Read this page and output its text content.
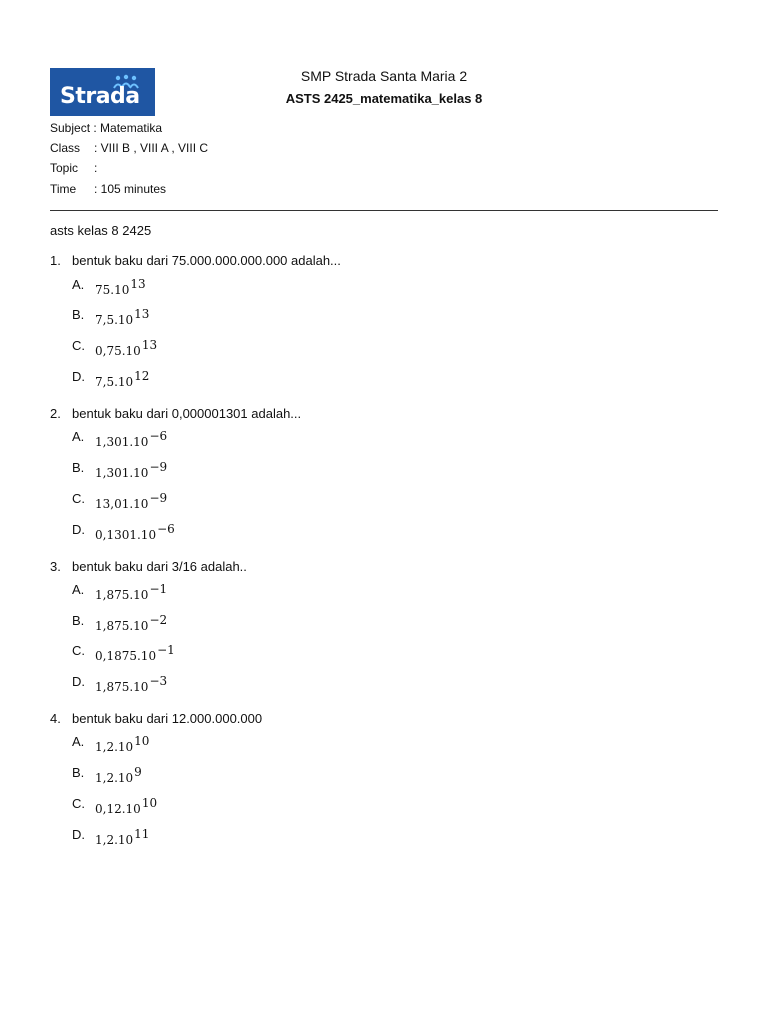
Strada
SMP Strada Santa Maria 2
ASTS 2425_matematika_kelas 8
Subject : Matematika
Class : VIII B , VIII A , VIII C
Topic :
Time : 105 minutes
asts kelas 8 2425
1. bentuk baku dari 75.000.000.000.000 adalah...
A. 75.1013
B. 7,5.1013
C. 0,75.1013
D. 7,5.1012
2. bentuk baku dari 0,000001301 adalah...
A. 1,301.10−6
B. 1,301.10−9
C. 13,01.10−9
D. 0,1301.10−6
3. bentuk baku dari 3/16 adalah..
A. 1,875.10−1
B. 1,875.10−2
C. 0,1875.10−1
D. 1,875.10−3
4. bentuk baku dari 12.000.000.000
A. 1,2.1010
B. 1,2.109
C. 0,12.1010
D. 1,2.1011
